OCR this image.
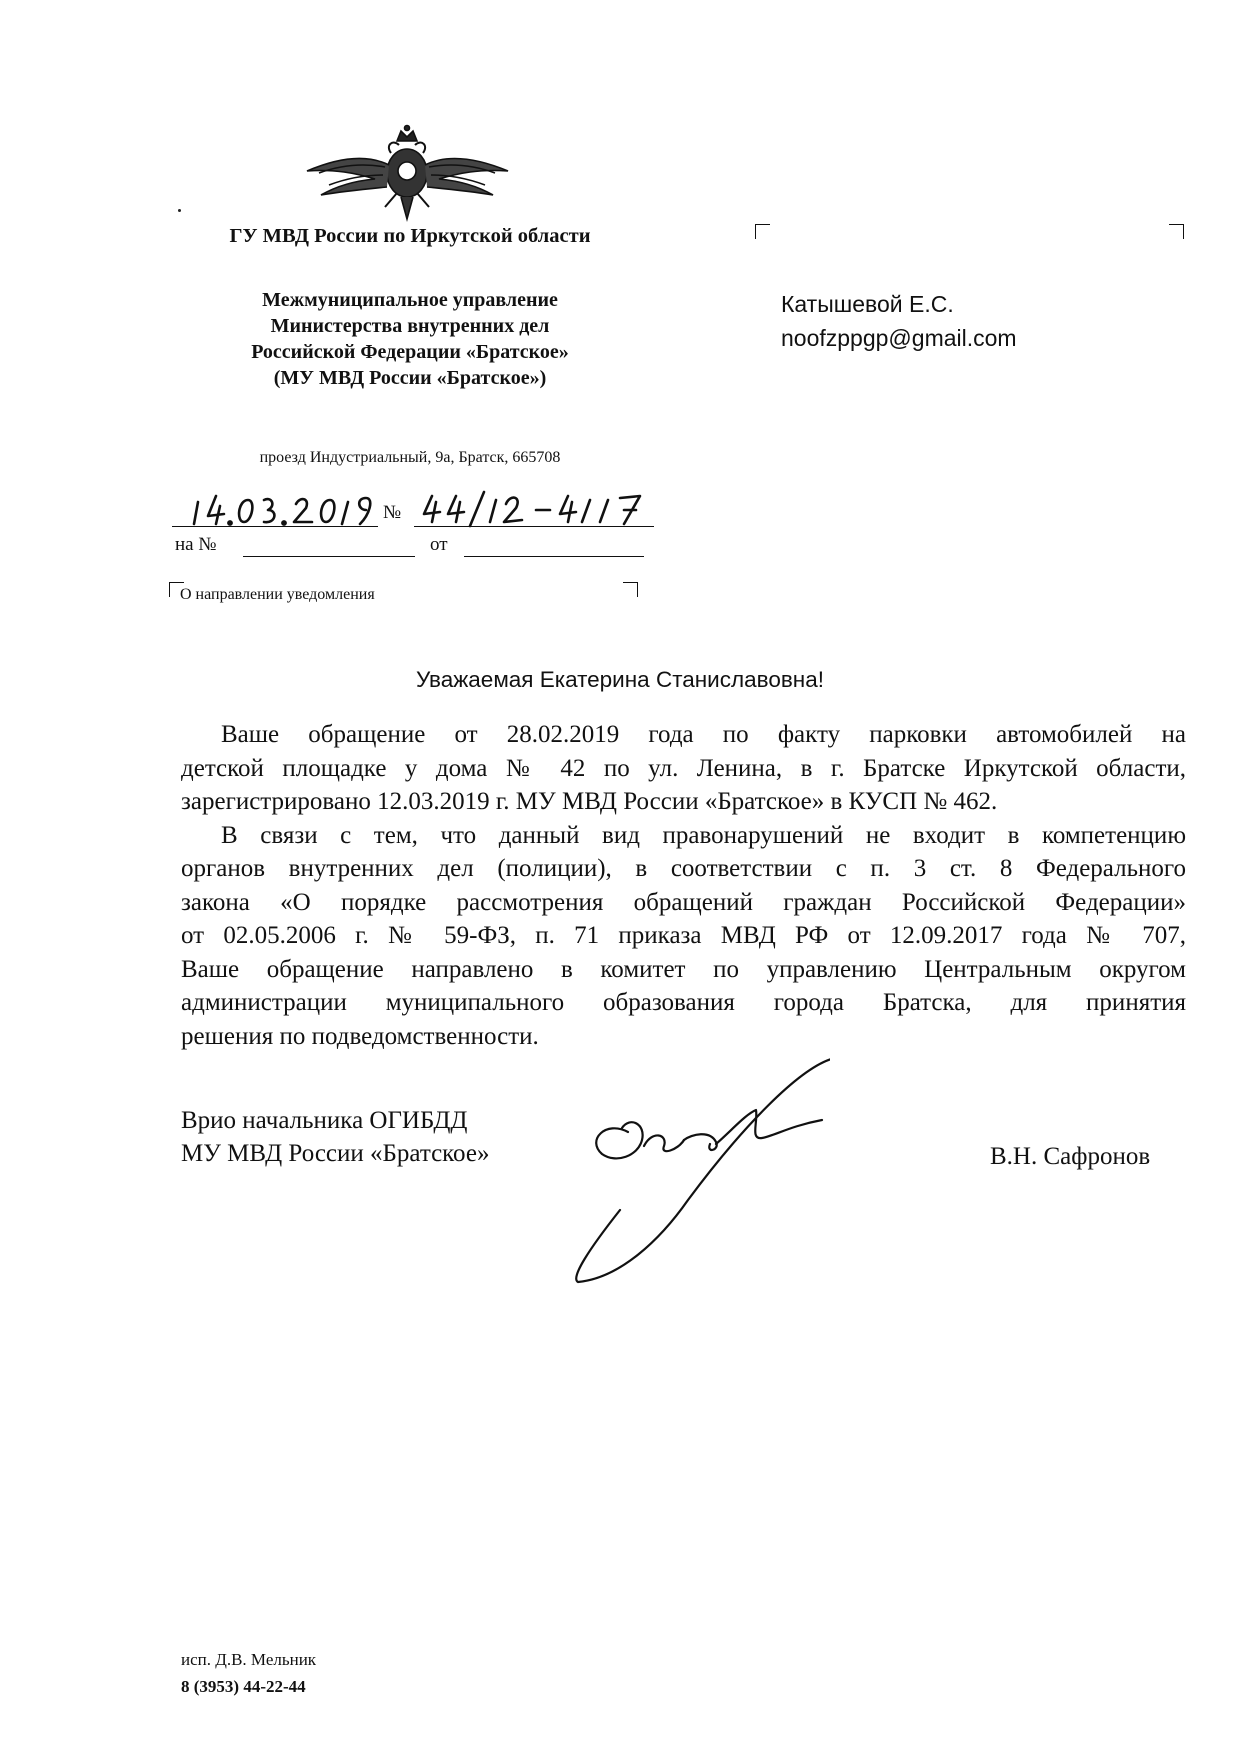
ГУ МВД России по Иркутской области
Межмуниципальное управление
Министерства внутренних дел
Российской Федерации «Братское»
(МУ МВД России «Братское»)
проезд Индустриальный, 9а, Братск, 665708
№
на №	от
О направлении уведомления
Катышевой Е.С.
noofzppgp@gmail.com
Уважаемая Екатерина Станиславовна!

Ваше обращение от 28.02.2019 года по факту парковки автомобилей на

детской площадке у дома № 42 по ул. Ленина, в г. Братске Иркутской области,

зарегистрировано 12.03.2019 г. МУ МВД России «Братское» в КУСП № 462.

В связи с тем, что данный вид правонарушений не входит в компетенцию

органов внутренних дел (полиции), в соответствии с п. 3 ст. 8 Федерального

закона «О порядке рассмотрения обращений граждан Российской Федерации»

от 02.05.2006 г. № 59-ФЗ, п. 71 приказа МВД РФ от 12.09.2017 года № 707,

Ваше обращение направлено в комитет по управлению Центральным округом

администрации муниципального образования города Братска, для принятия

решения по подведомственности.

Врио начальника ОГИБДД
МУ МВД России «Братское»	В.Н. Сафронов
исп. Д.В. Мельник
8 (3953) 44-22-44
